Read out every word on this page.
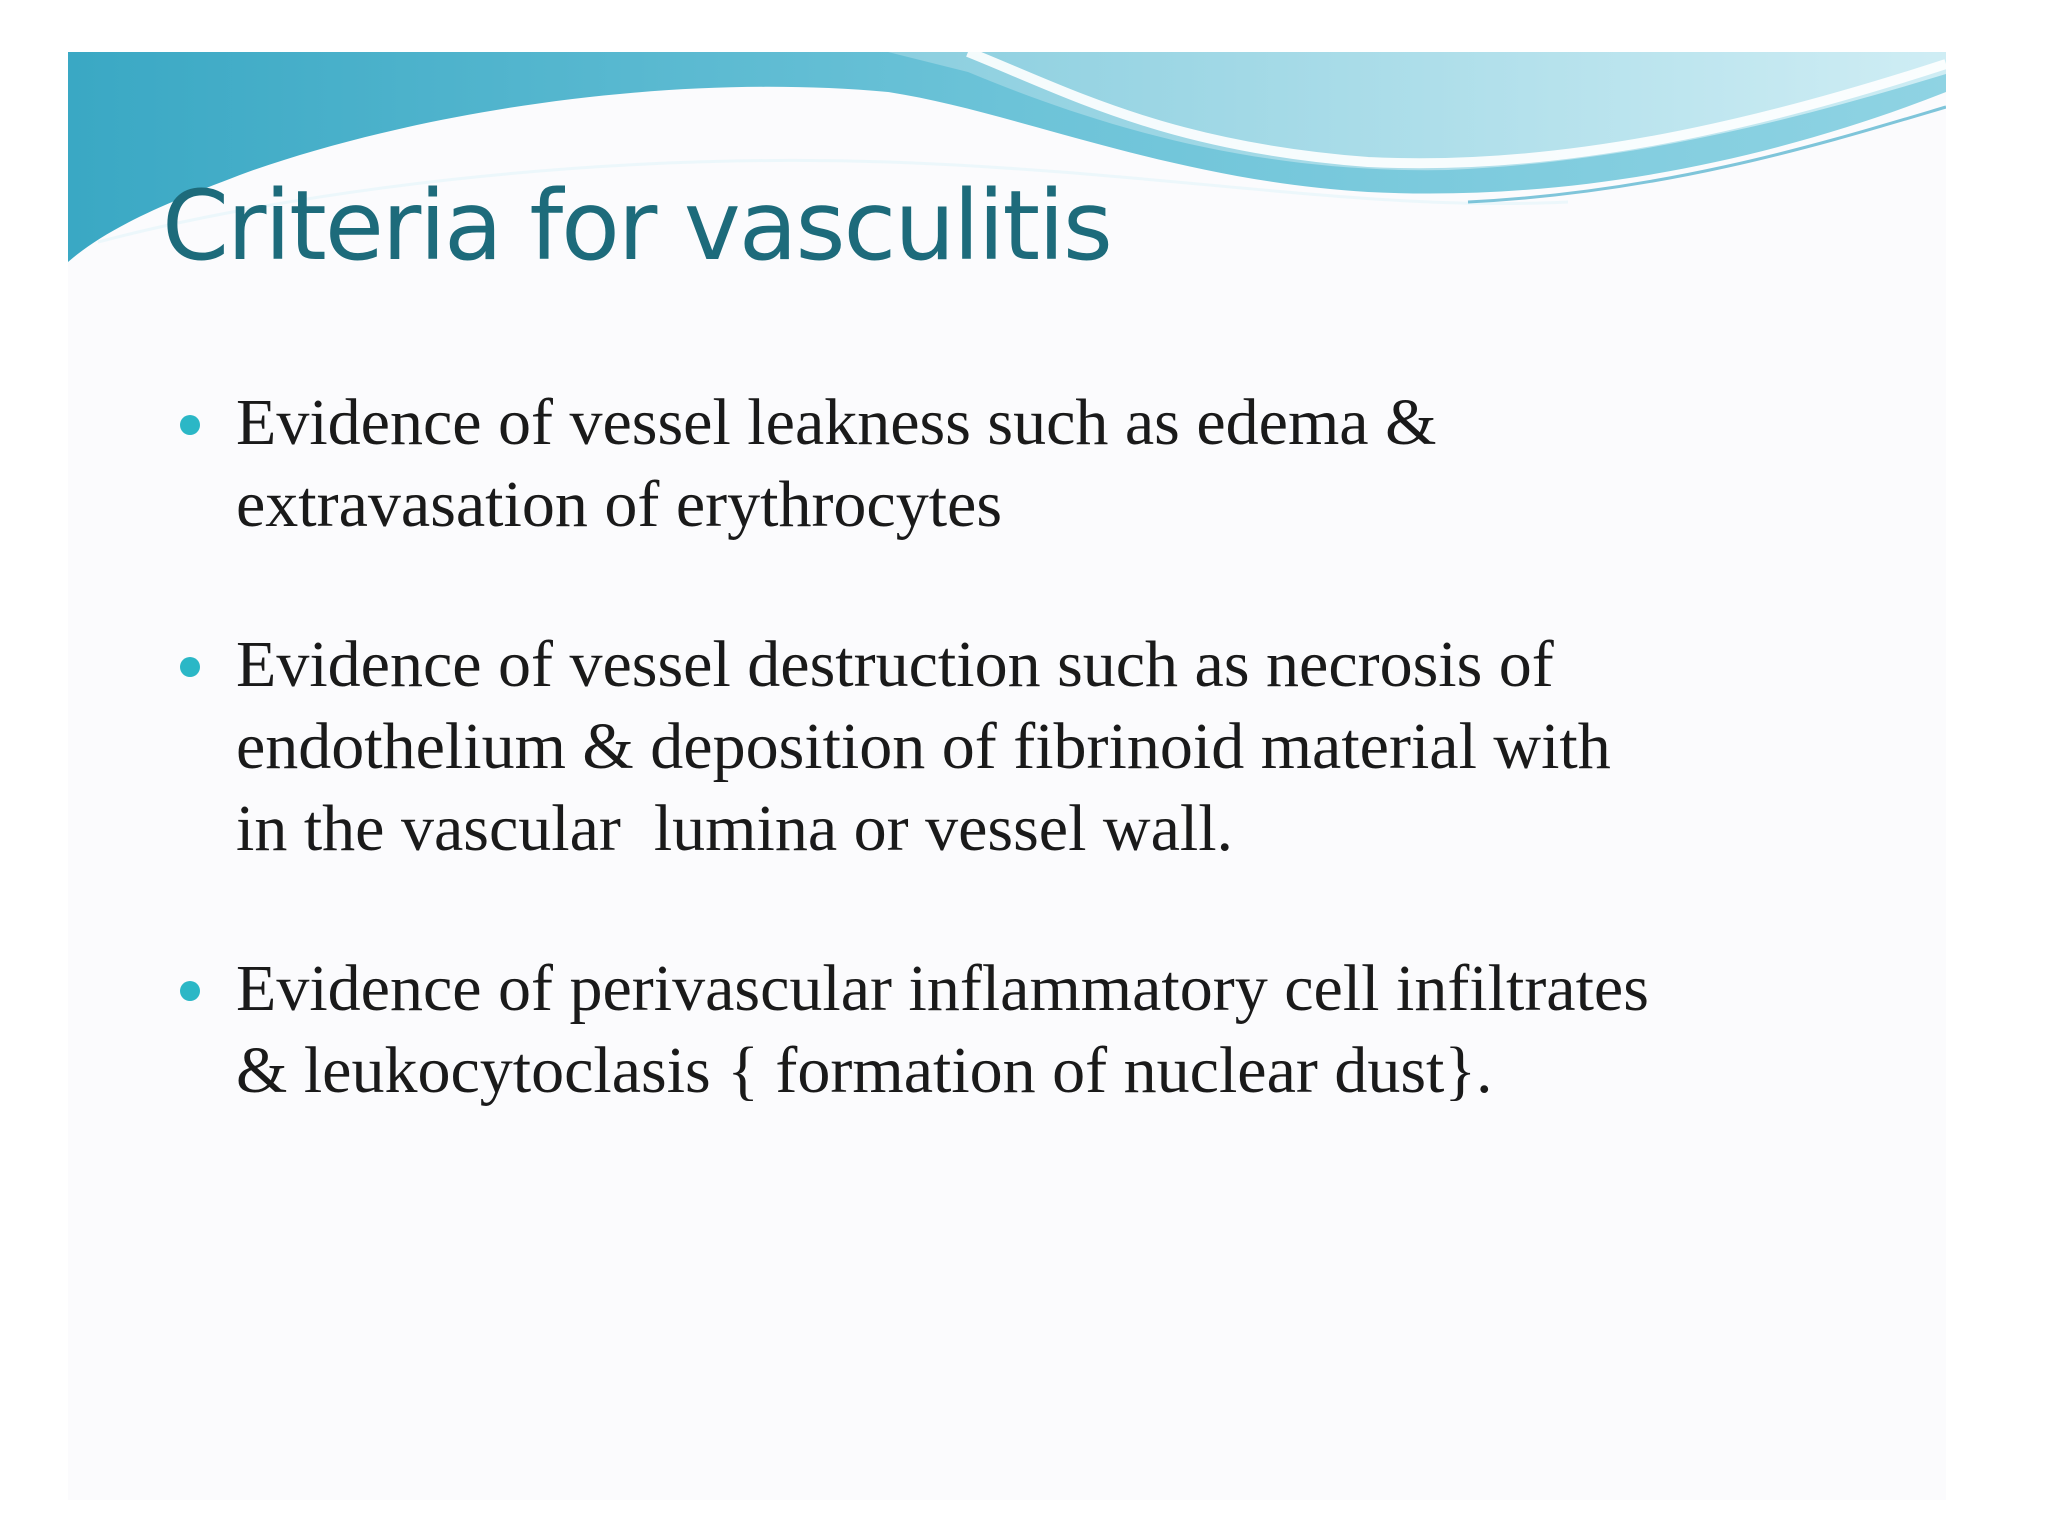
Criteria for vasculitis
Evidence of vessel leakness such as edema &
extravasation of erythrocytes
Evidence of vessel destruction such as necrosis of
endothelium & deposition of fibrinoid material with
in the vascular  lumina or vessel wall.
Evidence of perivascular inflammatory cell infiltrates
& leukocytoclasis { formation of nuclear dust}.
